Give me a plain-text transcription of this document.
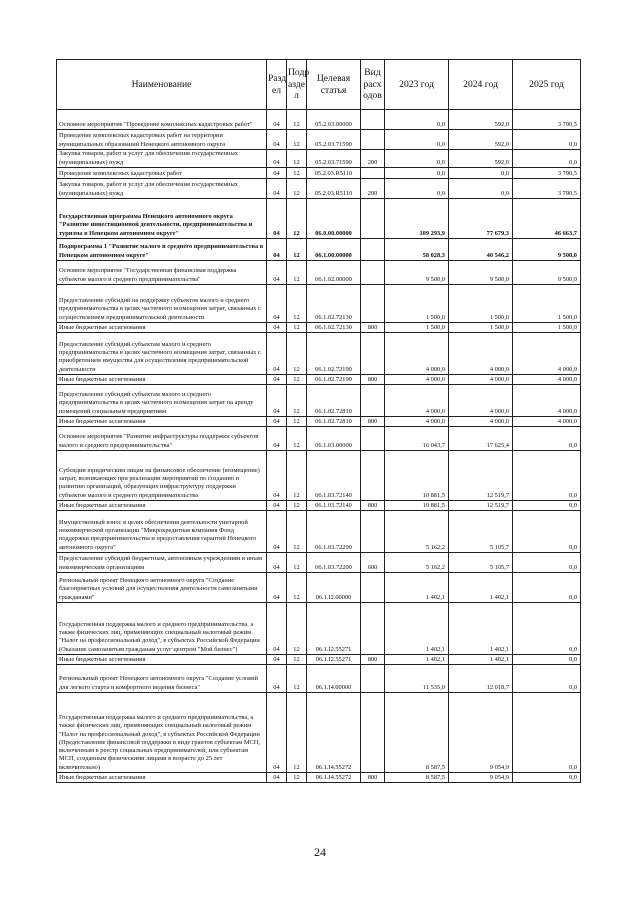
Наименование	Разд ел	Подр азде л	Целевая статья	Вид расх одов	2023 год	2024 год	2025 год
Основное мероприятие "Проведение комплексных кадастровых работ"	04	12	05.2.03.00000		0,0	592,0	3 790,5
Проведение комплексных кадастровых работ на территории муниципальных образований Ненецкого автономного округа	04	12	05.2.03.71590		0,0	592,0	0,0
Закупка товаров, работ и услуг для обеспечения государственных (муниципальных) нужд	04	12	05.2.03.71590	200	0,0	592,0	0,0
Проведение комплексных кадастровых работ	04	12	05.2.03.R5110		0,0	0,0	3 790,5
Закупка товаров, работ и услуг для обеспечения государственных (муниципальных) нужд	04	12	05.2.03.R5110	200	0,0	0,0	3 790,5
Государственная программа Ненецкого автономного округа "Развитие инвестиционной деятельности, предпринимательства и туризма в Ненецком автономном округе"	04	12	06.0.00.00000		109 293,9	77 679,3	46 663,7
Подпрограмма 1 "Развитие малого и среднего предпринимательства в Ненецком автономном округе"	04	12	06.1.00.00000		58 028,3	40 546,2	9 500,0
Основное мероприятие "Государственная финансовая поддержка субъектов малого и среднего предпринимательства"	04	12	06.1.02.00000		9 500,0	9 500,0	9 500,0
Предоставление субсидий на поддержку субъектов малого и среднего предпринимательства в целях частичного возмещения затрат, связанных с осуществлением предпринимательской деятельности	04	12	06.1.02.72130		1 500,0	1 500,0	1 500,0
Иные бюджетные ассигнования	04	12	06.1.02.72130	800	1 500,0	1 500,0	1 500,0
Предоставление субсидий субъектам малого и среднего предпринимательства в целях частичного возмещения затрат, связанных с приобретением имущества для осуществления предпринимательской деятельности	04	12	06.1.02.72190		4 000,0	4 000,0	4 000,0
Иные бюджетные ассигнования	04	12	06.1.02.72190	800	4 000,0	4 000,0	4 000,0
Предоставление субсидий субъектам малого и среднего предпринимательства в целях частичного возмещения затрат на аренду помещений социальным предприятиям	04	12	06.1.02.72810		4 000,0	4 000,0	4 000,0
Иные бюджетные ассигнования	04	12	06.1.02.72810	800	4 000,0	4 000,0	4 000,0
Основное мероприятие "Развитие инфраструктуры поддержки субъектов малого и среднего предпринимательства"	04	12	06.1.03.00000		16 043,7	17 625,4	0,0
Субсидии юридическим лицам на финансовое обеспечение (возмещение) затрат, возникающих при реализации мероприятий по созданию и развитию организаций, образующих инфраструктуру поддержки субъектов малого и среднего предпринимательства	04	12	06.1.03.72140		10 881,5	12 519,7	0,0
Иные бюджетные ассигнования	04	12	06.1.03.72140	800	10 881,5	12 519,7	0,0
Имущественный взнос в целях обеспечения деятельности унитарной некоммерческой организации "Микрокредитная компания Фонд поддержки предпринимательства и предоставления гарантий Ненецкого автономного округа"	04	12	06.1.03.72200		5 162,2	5 105,7	0,0
Предоставление субсидий бюджетным, автономным учреждениям и иным некоммерческим организациям	04	12	06.1.03.72200	600	5 162,2	5 105,7	0,0
Региональный проект Ненецкого автономного округа "Создание благоприятных условий для осуществления деятельности самозанятыми гражданами"	04	12	06.1.I2.00000		1 402,1	1 402,1	0,0
Государственная поддержка малого и среднего предпринимательства, а также физических лиц, применяющих специальный налоговый режим "Налог на профессиональный доход", в субъектах Российской Федерации (Оказание самозанятым гражданам услуг центром "Мой бизнес")	04	12	06.1.I2.55271		1 402,1	1 402,1	0,0
Иные бюджетные ассигнования	04	12	06.1.I2.55271	800	1 402,1	1 402,1	0,0
Региональный проект Ненецкого автономного округа "Создание условий для легкого старта и комфортного ведения бизнеса"	04	12	06.1.I4.00000		11 535,0	12 018,7	0,0
Государственная поддержка малого и среднего предпринимательства, а также физических лиц, применяющих специальный налоговый режим "Налог на профессиональный доход", в субъектах Российской Федерации (Предоставление финансовой поддержки в виде грантов субъектам МСП, включенным в реестр социальных предпринимателей, или субъектам МСП, созданным физическими лицами в возрасте до 25 лет включительно)	04	12	06.1.I4.55272		8 587,5	9 054,9	0,0
Иные бюджетные ассигнования	04	12	06.1.I4.55272	800	8 587,5	9 054,9	0,0
24
